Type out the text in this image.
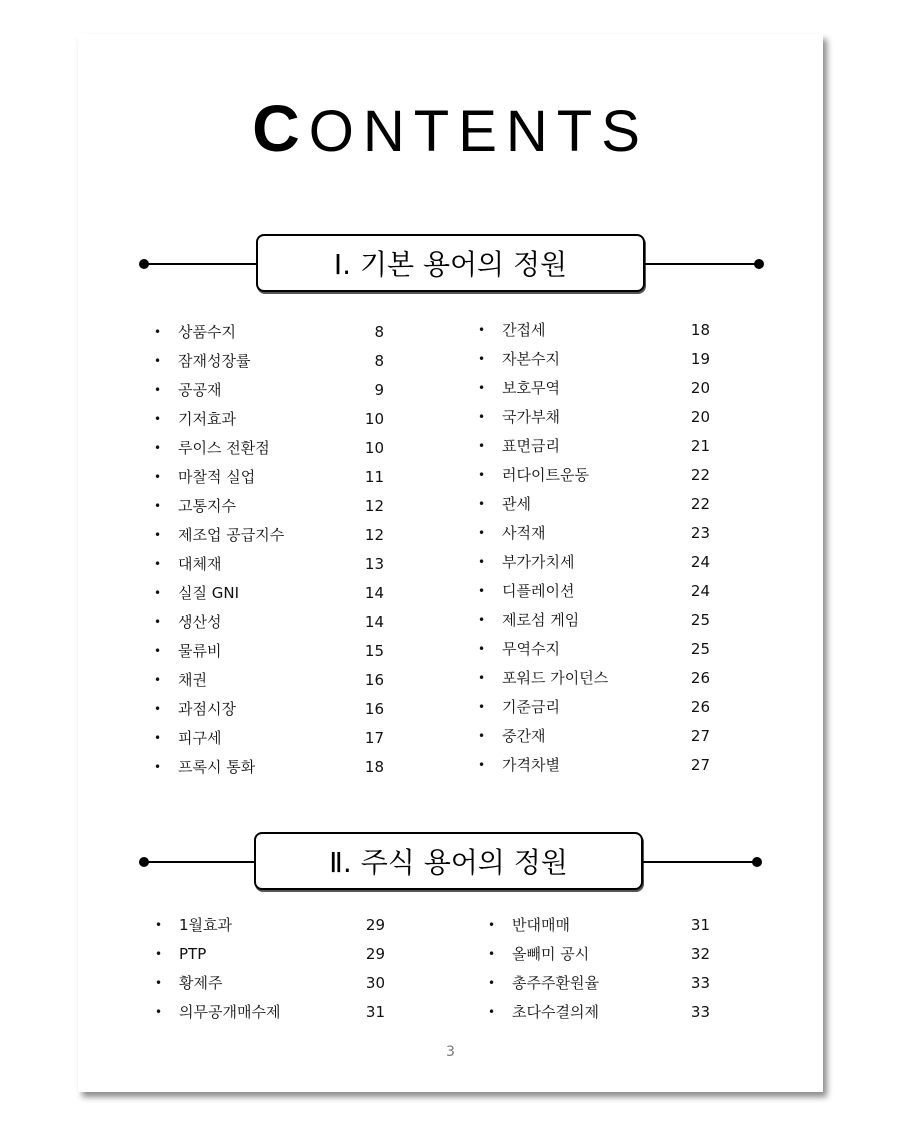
CONTENTS
Ⅰ. 기본 용어의 정원
• 상품수지	8
• 잠재성장률	8
• 공공재	9
• 기저효과	10
• 루이스 전환점	10
• 마찰적 실업	11
• 고통지수	12
• 제조업 공급지수	12
• 대체재	13
• 실질 GNI	14
• 생산성	14
• 물류비	15
• 채권	16
• 과점시장	16
• 피구세	17
• 프록시 통화	18
• 간접세	18
• 자본수지	19
• 보호무역	20
• 국가부채	20
• 표면금리	21
• 러다이트운동	22
• 관세	22
• 사적재	23
• 부가가치세	24
• 디플레이션	24
• 제로섬 게임	25
• 무역수지	25
• 포워드 가이던스	26
• 기준금리	26
• 중간재	27
• 가격차별	27
Ⅱ. 주식 용어의 정원
• 1월효과	29
• PTP	29
• 황제주	30
• 의무공개매수제	31
• 반대매매	31
• 올빼미 공시	32
• 총주주환원율	33
• 초다수결의제	33
3
